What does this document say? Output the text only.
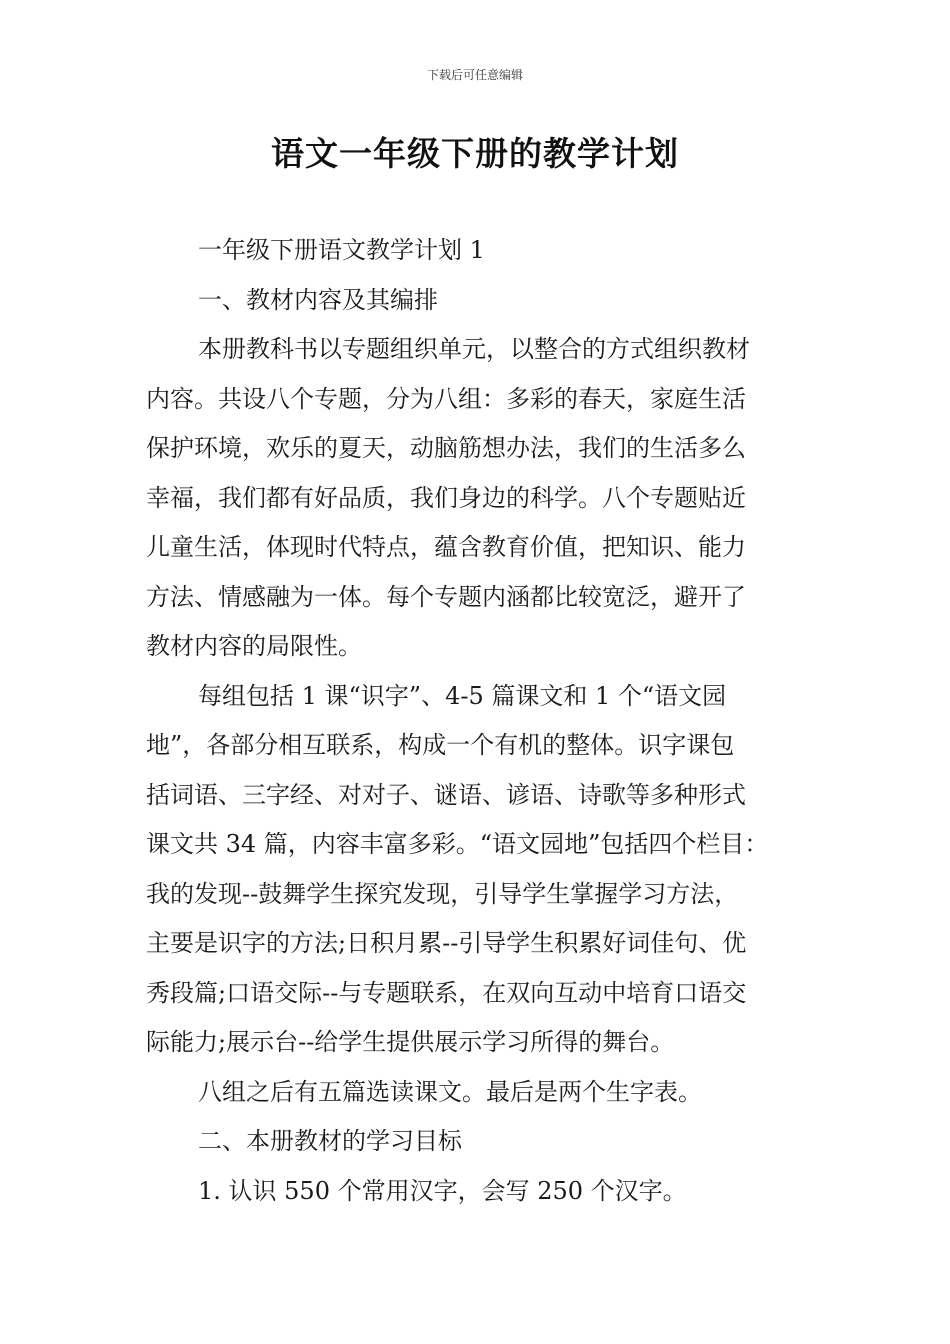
下载后可任意编辑
语文一年级下册的教学计划
一年级下册语文教学计划 1
一、教材内容及其编排
本册教科书以专题组织单元，以整合的方式组织教材
内容。共设八个专题，分为八组：多彩的春天，家庭生活
保护环境，欢乐的夏天，动脑筋想办法，我们的生活多么
幸福，我们都有好品质，我们身边的科学。八个专题贴近
儿童生活，体现时代特点，蕴含教育价值，把知识、能力
方法、情感融为一体。每个专题内涵都比较宽泛，避开了
教材内容的局限性。
每组包括 1 课“识字”、4-5 篇课文和 1 个“语文园
地”，各部分相互联系，构成一个有机的整体。识字课包
括词语、三字经、对对子、谜语、谚语、诗歌等多种形式
课文共 34 篇，内容丰富多彩。“语文园地”包括四个栏目：
我的发现--鼓舞学生探究发现，引导学生掌握学习方法，
主要是识字的方法;日积月累--引导学生积累好词佳句、优
秀段篇;口语交际--与专题联系，在双向互动中培育口语交
际能力;展示台--给学生提供展示学习所得的舞台。
八组之后有五篇选读课文。最后是两个生字表。
二、本册教材的学习目标
1. 认识 550 个常用汉字，会写 250 个汉字。
